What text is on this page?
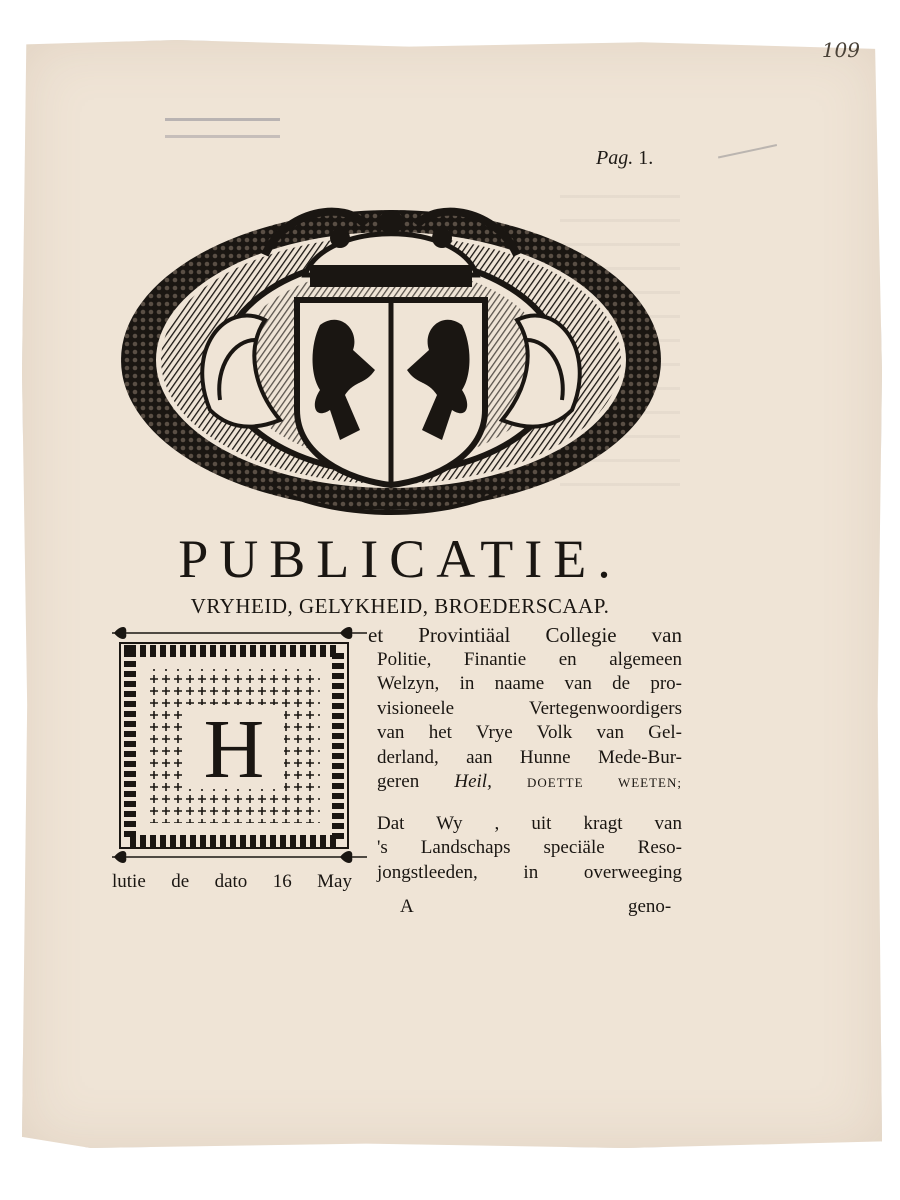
109
Pag. 1.
PUBLICATIE.
VRYHEID, GELYKHEID, BROEDERSCAAP.
H
et Provintiäal Collegie van
Politie, Finantie en algemeen
Welzyn, in naame van de pro-
visioneele Vertegenwoordigers
van het Vrye Volk van Gel-
derland, aan Hunne Mede-Bur-
geren Heil,	DOETTE WEETEN;
Dat Wy , uit kragt van
's Landschaps speciäle Reso-
jongstleeden, in overweeging
lutie de dato 16 May
A	geno-
